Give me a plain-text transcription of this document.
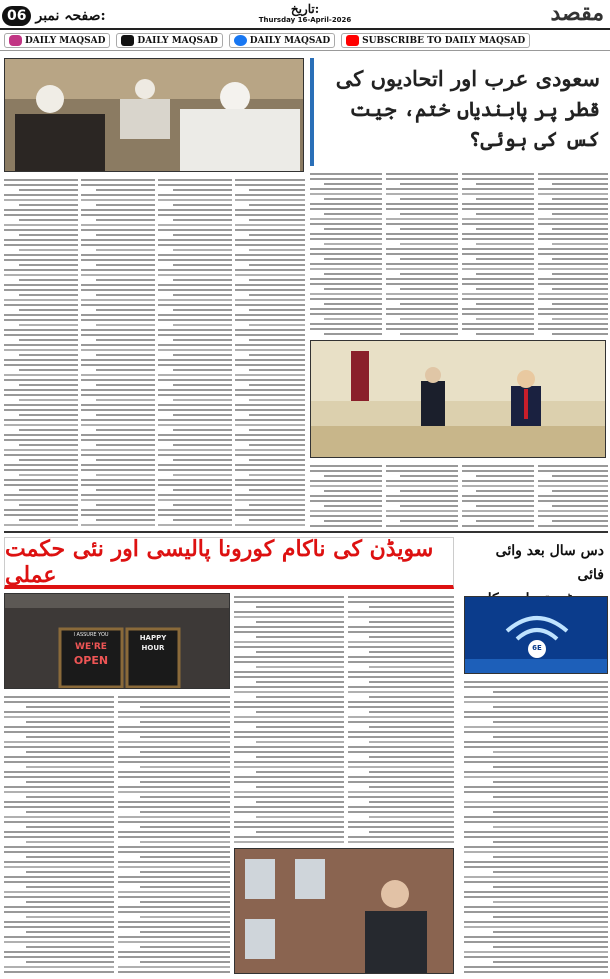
06 صفحہ نمبر:	تاریخ:
Thursday 16-April-2026	مقصد
DAILY MAQSAD	DAILY MAQSAD	DAILY MAQSAD	SUBSCRIBE TO DAILY MAQSAD
سعودی عرب اور اتحادیوں کی
قطر پر پابندیاں ختم، جیت کس کی ہوئی؟
سویڈن کی ناکام کورونا پالیسی اور نئی حکمت عملی
I ASSURE YOU
WE'RE
OPEN
HAPPY
HOUR
دس سال بعد وائی فائی
6E
